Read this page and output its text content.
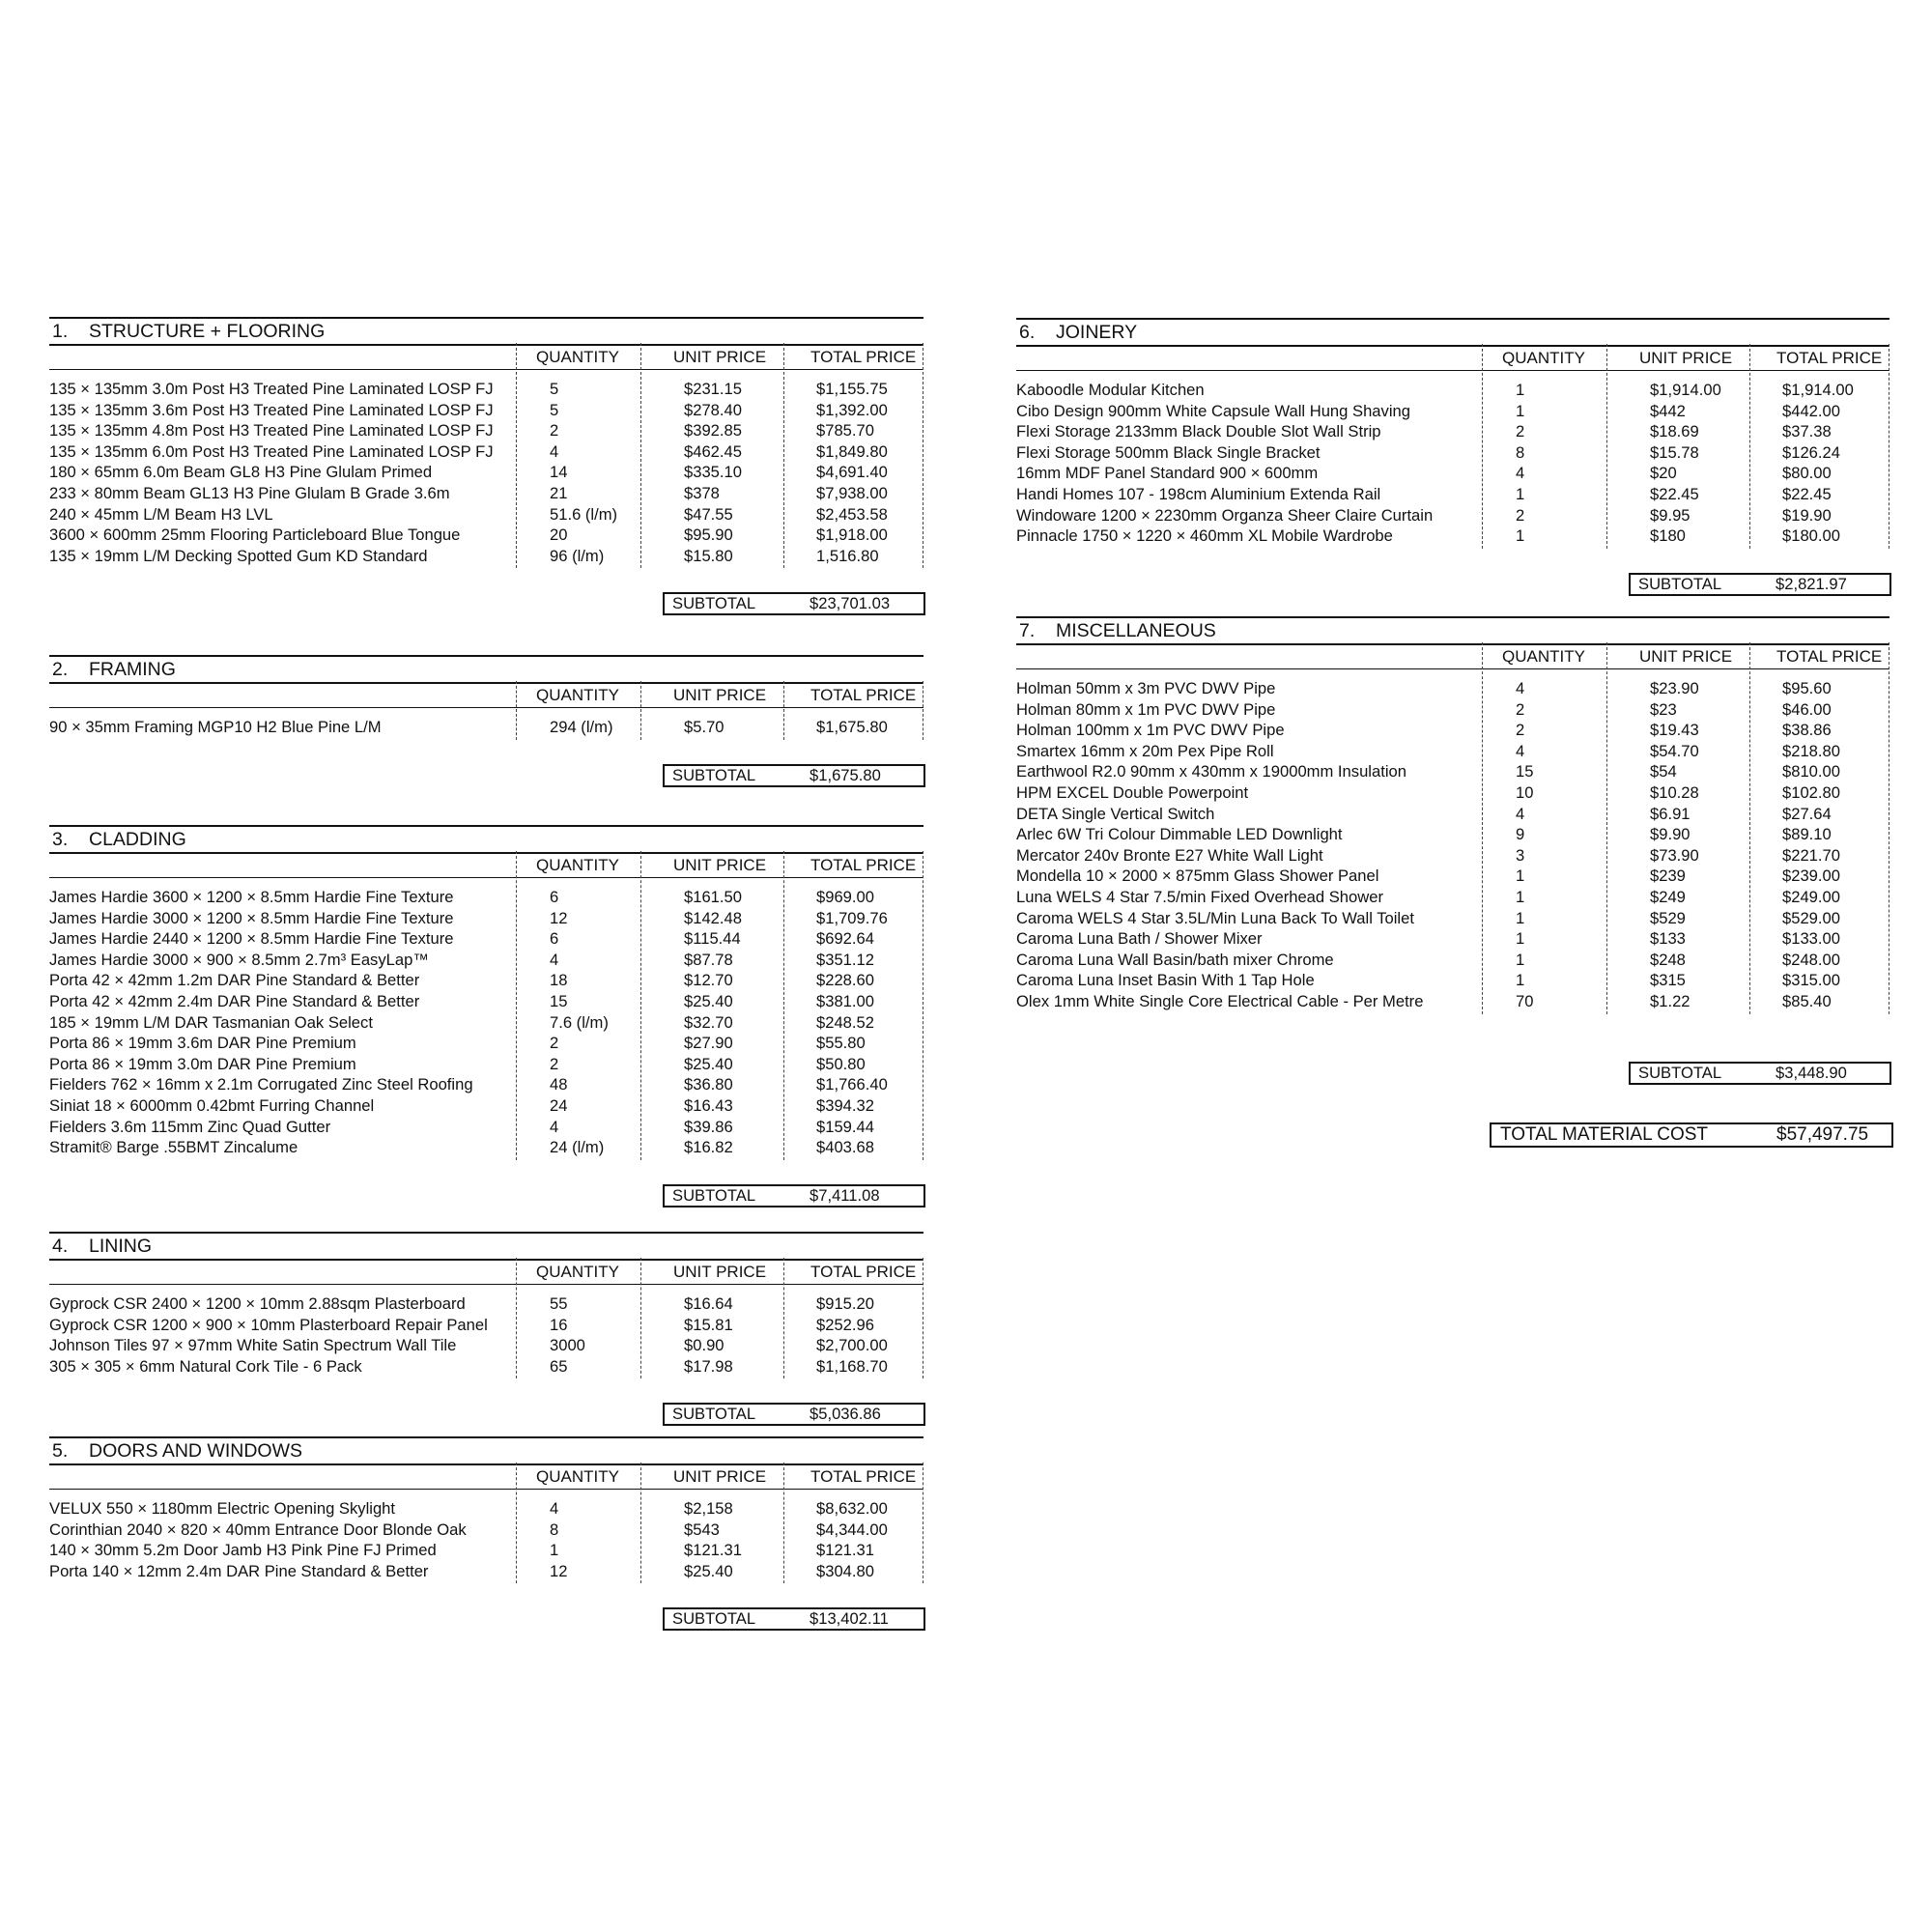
1. STRUCTURE + FLOORING
QUANTITY	UNIT PRICE	TOTAL PRICE
135 × 135mm 3.0m Post H3 Treated Pine Laminated LOSP FJ	5	$231.15	$1,155.75
135 × 135mm 3.6m Post H3 Treated Pine Laminated LOSP FJ	5	$278.40	$1,392.00
135 × 135mm 4.8m Post H3 Treated Pine Laminated LOSP FJ	2	$392.85	$785.70
135 × 135mm 6.0m Post H3 Treated Pine Laminated LOSP FJ	4	$462.45	$1,849.80
180 × 65mm 6.0m Beam GL8 H3 Pine Glulam Primed	14	$335.10	$4,691.40
233 × 80mm Beam GL13 H3 Pine Glulam B Grade 3.6m	21	$378	$7,938.00
240 × 45mm L/M Beam H3 LVL	51.6 (l/m)	$47.55	$2,453.58
3600 × 600mm 25mm Flooring Particleboard Blue Tongue	20	$95.90	$1,918.00
135 × 19mm L/M Decking Spotted Gum KD Standard	96 (l/m)	$15.80	1,516.80
SUBTOTAL	$23,701.03
2. FRAMING
QUANTITY	UNIT PRICE	TOTAL PRICE
90 × 35mm Framing MGP10 H2 Blue Pine L/M	294 (l/m)	$5.70	$1,675.80
SUBTOTAL	$1,675.80
3. CLADDING
QUANTITY	UNIT PRICE	TOTAL PRICE
James Hardie 3600 × 1200 × 8.5mm Hardie Fine Texture	6	$161.50	$969.00
James Hardie 3000 × 1200 × 8.5mm Hardie Fine Texture	12	$142.48	$1,709.76
James Hardie 2440 × 1200 × 8.5mm Hardie Fine Texture	6	$115.44	$692.64
James Hardie 3000 × 900 × 8.5mm 2.7m³ EasyLap™	4	$87.78	$351.12
Porta 42 × 42mm 1.2m DAR Pine Standard & Better	18	$12.70	$228.60
Porta 42 × 42mm 2.4m DAR Pine Standard & Better	15	$25.40	$381.00
185 × 19mm L/M DAR Tasmanian Oak Select	7.6 (l/m)	$32.70	$248.52
Porta 86 × 19mm 3.6m DAR Pine Premium	2	$27.90	$55.80
Porta 86 × 19mm 3.0m DAR Pine Premium	2	$25.40	$50.80
Fielders 762 × 16mm x 2.1m Corrugated Zinc Steel Roofing	48	$36.80	$1,766.40
Siniat 18 × 6000mm 0.42bmt Furring Channel	24	$16.43	$394.32
Fielders 3.6m 115mm Zinc Quad Gutter	4	$39.86	$159.44
Stramit® Barge .55BMT Zincalume	24 (l/m)	$16.82	$403.68
SUBTOTAL	$7,411.08
4. LINING
QUANTITY	UNIT PRICE	TOTAL PRICE
Gyprock CSR 2400 × 1200 × 10mm 2.88sqm Plasterboard	55	$16.64	$915.20
Gyprock CSR 1200 × 900 × 10mm Plasterboard Repair Panel	16	$15.81	$252.96
Johnson Tiles 97 × 97mm White Satin Spectrum Wall Tile	3000	$0.90	$2,700.00
305 × 305 × 6mm Natural Cork Tile - 6 Pack	65	$17.98	$1,168.70
SUBTOTAL	$5,036.86
5. DOORS AND WINDOWS
QUANTITY	UNIT PRICE	TOTAL PRICE
VELUX 550 × 1180mm Electric Opening Skylight	4	$2,158	$8,632.00
Corinthian 2040 × 820 × 40mm Entrance Door Blonde Oak	8	$543	$4,344.00
140 × 30mm 5.2m Door Jamb H3 Pink Pine FJ Primed	1	$121.31	$121.31
Porta 140 × 12mm 2.4m DAR Pine Standard & Better	12	$25.40	$304.80
SUBTOTAL	$13,402.11
6. JOINERY
QUANTITY	UNIT PRICE	TOTAL PRICE
Kaboodle Modular Kitchen	1	$1,914.00	$1,914.00
Cibo Design 900mm White Capsule Wall Hung Shaving	1	$442	$442.00
Flexi Storage 2133mm Black Double Slot Wall Strip	2	$18.69	$37.38
Flexi Storage 500mm Black Single Bracket	8	$15.78	$126.24
16mm MDF Panel Standard 900 × 600mm	4	$20	$80.00
Handi Homes 107 - 198cm Aluminium Extenda Rail	1	$22.45	$22.45
Windoware 1200 × 2230mm Organza Sheer Claire Curtain	2	$9.95	$19.90
Pinnacle 1750 × 1220 × 460mm XL Mobile Wardrobe	1	$180	$180.00
SUBTOTAL	$2,821.97
7. MISCELLANEOUS
QUANTITY	UNIT PRICE	TOTAL PRICE
Holman 50mm x 3m PVC DWV Pipe	4	$23.90	$95.60
Holman 80mm x 1m PVC DWV Pipe	2	$23	$46.00
Holman 100mm x 1m PVC DWV Pipe	2	$19.43	$38.86
Smartex 16mm x 20m Pex Pipe Roll	4	$54.70	$218.80
Earthwool R2.0 90mm x 430mm x 19000mm Insulation	15	$54	$810.00
HPM EXCEL Double Powerpoint	10	$10.28	$102.80
DETA Single Vertical Switch	4	$6.91	$27.64
Arlec 6W Tri Colour Dimmable LED Downlight	9	$9.90	$89.10
Mercator 240v Bronte E27 White Wall Light	3	$73.90	$221.70
Mondella 10 × 2000 × 875mm Glass Shower Panel	1	$239	$239.00
Luna WELS 4 Star 7.5/min Fixed Overhead Shower	1	$249	$249.00
Caroma WELS 4 Star 3.5L/Min Luna Back To Wall Toilet	1	$529	$529.00
Caroma Luna Bath / Shower Mixer	1	$133	$133.00
Caroma Luna Wall Basin/bath mixer Chrome	1	$248	$248.00
Caroma Luna Inset Basin With 1 Tap Hole	1	$315	$315.00
Olex 1mm White Single Core Electrical Cable - Per Metre	70	$1.22	$85.40
SUBTOTAL	$3,448.90
TOTAL MATERIAL COST	$57,497.75
